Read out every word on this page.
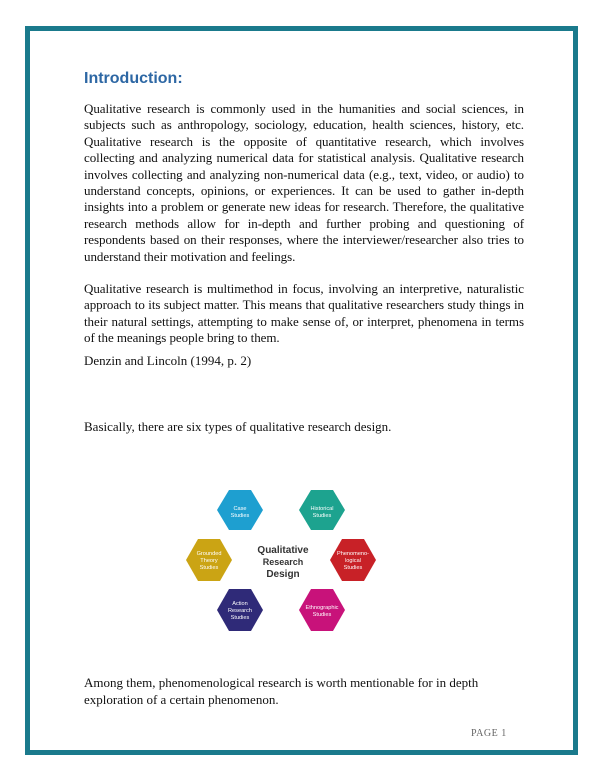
Introduction:

Qualitative research is commonly used in the humanities and social sciences, in subjects such as anthropology, sociology, education, health sciences, history, etc. Qualitative research is the opposite of quantitative research, which involves collecting and analyzing numerical data for statistical analysis. Qualitative research involves collecting and analyzing non-numerical data (e.g., text, video, or audio) to understand concepts, opinions, or experiences. It can be used to gather in-depth insights into a problem or generate new ideas for research. Therefore, the qualitative research methods allow for in-depth and further probing and questioning of respondents based on their responses, where the interviewer/researcher also tries to understand their motivation and feelings.

Qualitative research is multimethod in focus, involving an interpretive, naturalistic approach to its subject matter. This means that qualitative researchers study things in their natural settings, attempting to make sense of, or interpret, phenomena in terms of the meanings people bring to them.

Denzin and Lincoln (1994, p. 2)
Basically, there are six types of qualitative research design.
Case Studies
Historical Studies
Phenomeno-logical Studies
Ethnographic Studies
Action Research Studies
Grounded Theory Studies
Qualitative
Research
Design
Among them, phenomenological research is worth mentionable for in depth exploration of a certain phenomenon.
PAGE 1
